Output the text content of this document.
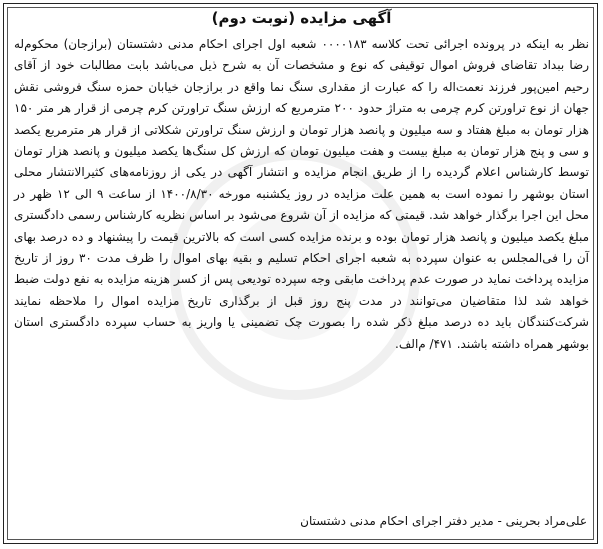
آگهی مزایده (نوبت دوم)
نظر به اینکه در پرونده اجرائی تحت کلاسه ۰۰۰۰۱۸۳ شعبه اول اجرای احکام مدنی دشتستان (برازجان) محکوم‌له رضا ببداد تقاضای فروش اموال توقیفی که نوع و مشخصات آن به شرح ذیل می‌باشد بابت مطالبات خود از آقای رحیم امین‌پور فرزند نعمت‌اله را که عبارت از مقداری سنگ نما واقع در برازجان خیابان حمزه سنگ فروشی نقش جهان از نوع تراورتن کرم چرمی به متراژ حدود ۲۰۰ مترمربع که ارزش سنگ تراورتن کرم چرمی از قرار هر متر ۱۵۰ هزار تومان به مبلغ هفتاد و سه میلیون و پانصد هزار تومان و ارزش سنگ تراورتن شکلاتی از قرار هر مترمربع یکصد و سی و پنج هزار تومان به مبلغ بیست و هفت میلیون تومان که ارزش کل سنگ‌ها یکصد میلیون و پانصد هزار تومان توسط کارشناس اعلام گردیده را از طریق انجام مزایده و انتشار آگهی در یکی از روزنامه‌های کثیرالانتشار محلی استان بوشهر را نموده است به همین علت مزایده در روز یکشنبه مورخه ۱۴۰۰/۸/۳۰ از ساعت ۹ الی ۱۲ ظهر در محل این اجرا برگذار خواهد شد. قیمتی که مزایده از آن شروع می‌شود بر اساس نظریه کارشناس رسمی دادگستری مبلغ یکصد میلیون و پانصد هزار تومان بوده و برنده مزایده کسی است که بالاترین قیمت را پیشنهاد و ده درصد بهای آن را فی‌المجلس به عنوان سپرده به شعبه اجرای احکام تسلیم و بقیه بهای اموال را ظرف مدت ۳۰ روز از تاریخ مزایده پرداخت نماید در صورت عدم پرداخت مابقی وجه سپرده تودیعی پس از کسر هزینه مزایده به نفع دولت ضبط خواهد شد لذا متقاضیان می‌توانند در مدت پنج روز قبل از برگذاری تاریخ مزایده اموال را ملاحظه نمایند شرکت‌کنندگان باید ده درصد مبلغ ذکر شده را بصورت چک تضمینی یا واریز به حساب سپرده دادگستری استان بوشهر همراه داشته باشند. ۴۷۱/ م‌الف.
علی‌مراد بحرینی - مدیر دفتر اجرای احکام مدنی دشتستان
